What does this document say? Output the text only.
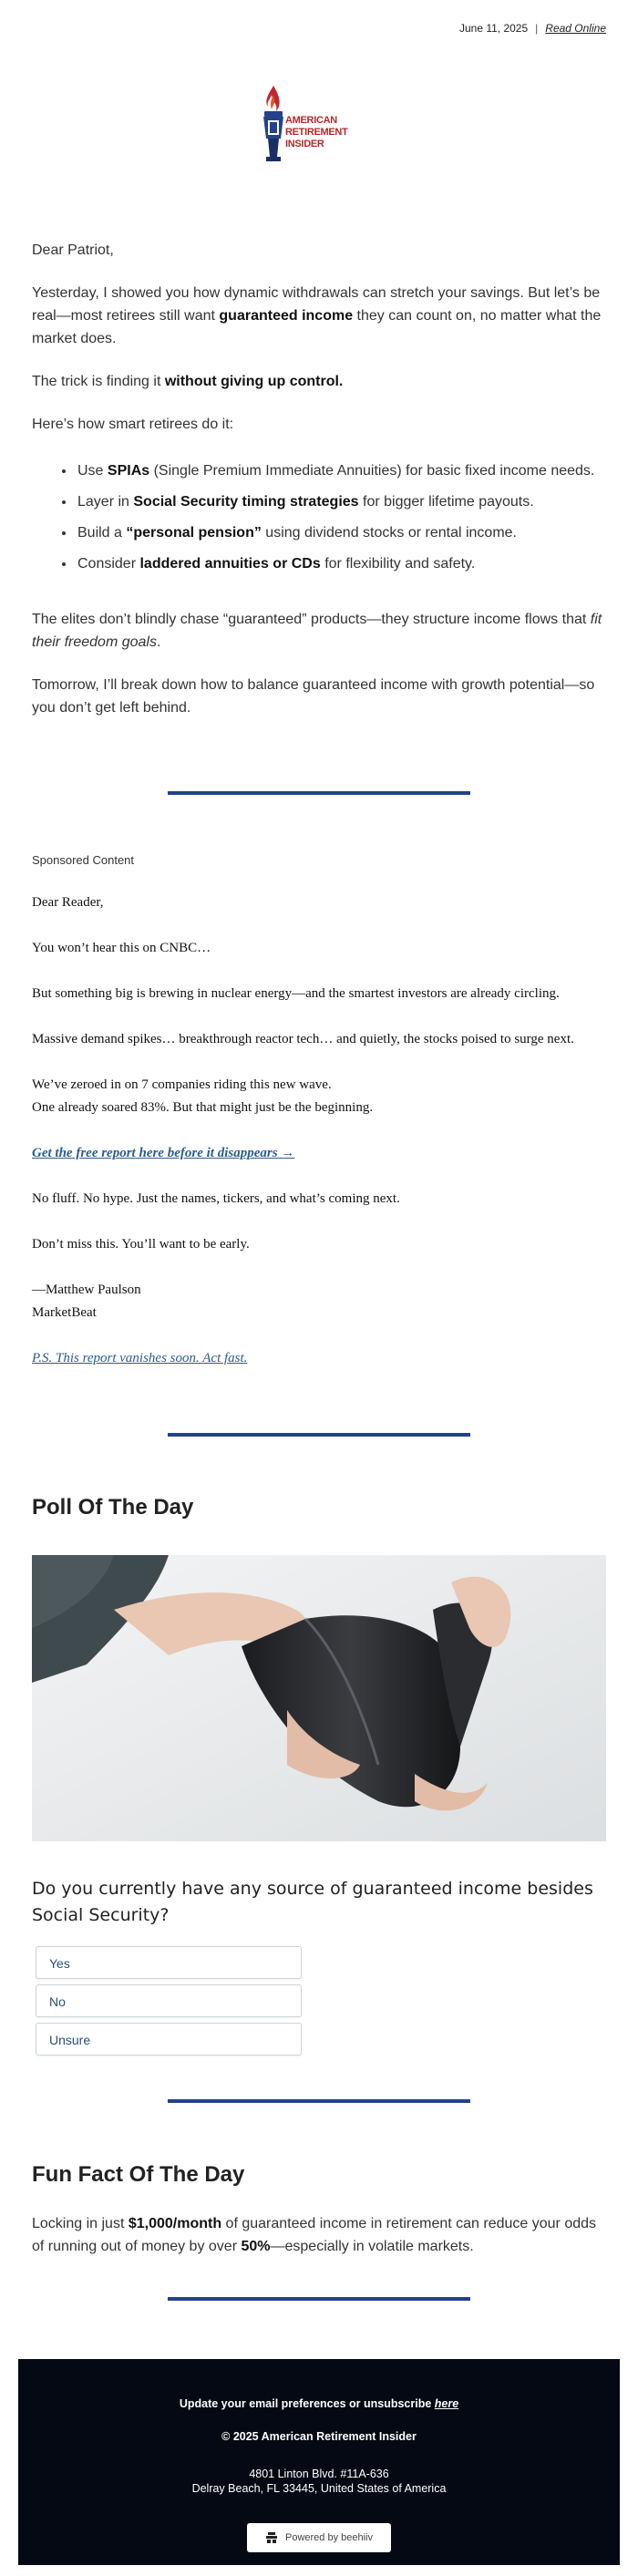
June 11, 2025 | Read Online
AMERICAN
RETIREMENT INSIDER

Dear Patriot,

Yesterday, I showed you how dynamic withdrawals can stretch your savings. But let’s be real—most retirees still want guaranteed income they can count on, no matter what the market does.

The trick is finding it without giving up control.

Here’s how smart retirees do it:

• Use SPIAs (Single Premium Immediate Annuities) for basic fixed income needs.
• Layer in Social Security timing strategies for bigger lifetime payouts.
• Build a “personal pension” using dividend stocks or rental income.
• Consider laddered annuities or CDs for flexibility and safety.

The elites don’t blindly chase “guaranteed” products—they structure income flows that fit their freedom goals.

Tomorrow, I’ll break down how to balance guaranteed income with growth potential—so you don’t get left behind.

Sponsored Content

Dear Reader,

You won’t hear this on CNBC…

But something big is brewing in nuclear energy—and the smartest investors are already circling.

Massive demand spikes… breakthrough reactor tech… and quietly, the stocks poised to surge next.

We’ve zeroed in on 7 companies riding this new wave.
One already soared 83%. But that might just be the beginning.

Get the free report here before it disappears →

No fluff. No hype. Just the names, tickers, and what’s coming next.

Don’t miss this. You’ll want to be early.

—Matthew Paulson
MarketBeat

P.S. This report vanishes soon. Act fast.

Poll Of The Day
Do you currently have any source of guaranteed income besides Social Security?
Yes
No
Unsure
Fun Fact Of The Day
Locking in just $1,000/month of guaranteed income in retirement can reduce your odds of running out of money by over 50%—especially in volatile markets.
Update your email preferences or unsubscribe here
© 2025 American Retirement Insider
4801 Linton Blvd. #11A-636
Delray Beach, FL 33445, United States of America
Powered by beehiiv
